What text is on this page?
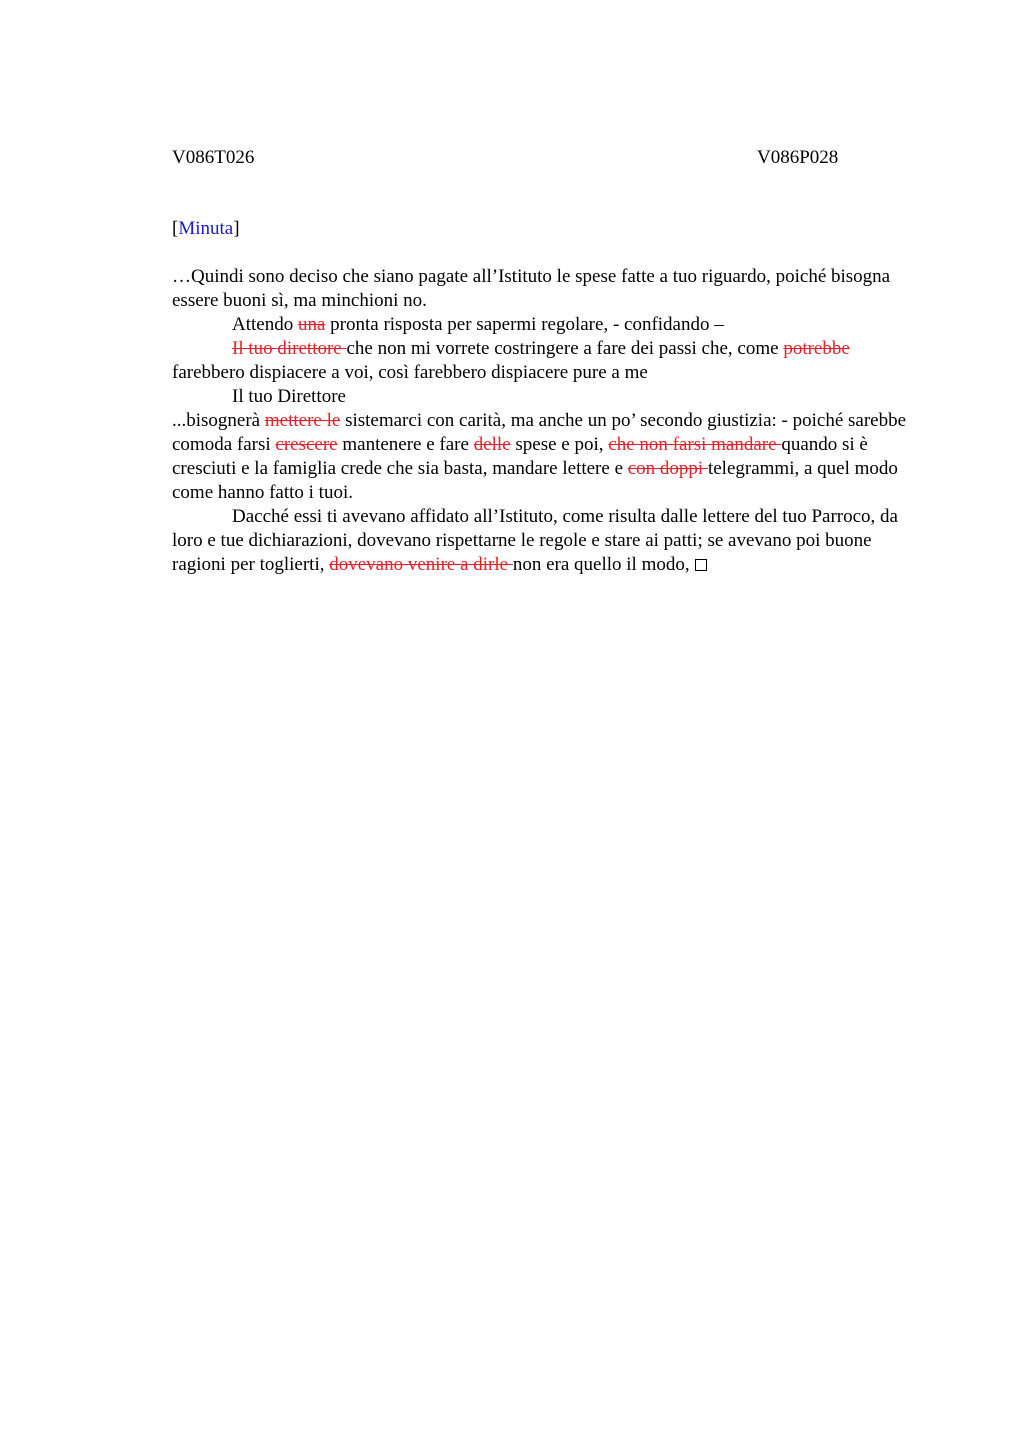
V086T026	V086P028

[Minuta]

…Quindi sono deciso che siano pagate all’Istituto le spese fatte a tuo riguardo, poiché bisogna essere buoni sì, ma minchioni no.

Attendo una pronta risposta per sapermi regolare, - confidando –

Il tuo direttore che non mi vorrete costringere a fare dei passi che, come potrebbe farebbero dispiacere a voi, così farebbero dispiacere pure a me

Il tuo Direttore

...bisognerà mettere le sistemarci con carità, ma anche un po’ secondo giustizia: - poiché sarebbe comoda farsi crescere mantenere e fare delle spese e poi, che non farsi mandare quando si è cresciuti e la famiglia crede che sia basta, mandare lettere e con doppi telegrammi, a quel modo come hanno fatto i tuoi.

Dacché essi ti avevano affidato all’Istituto, come risulta dalle lettere del tuo Parroco, da loro e tue dichiarazioni, dovevano rispettarne le regole e stare ai patti; se avevano poi buone ragioni per toglierti, dovevano venire a dirle non era quello il modo,
